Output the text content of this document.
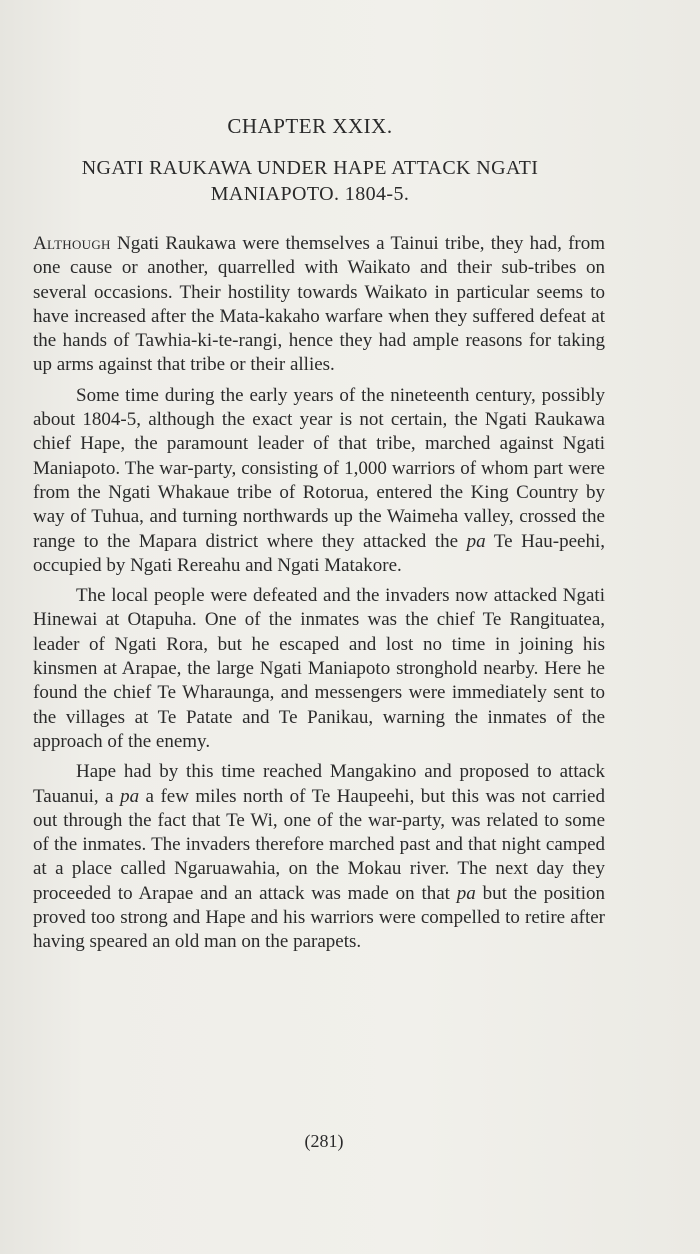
CHAPTER XXIX.
NGATI RAUKAWA UNDER HAPE ATTACK NGATI MANIAPOTO. 1804-5.

Although Ngati Raukawa were themselves a Tainui tribe, they had, from one cause or another, quarrelled with Waikato and their sub-tribes on several occasions. Their hostility towards Waikato in particular seems to have increased after the Mata-kakaho warfare when they suffered defeat at the hands of Tawhia-ki-te-rangi, hence they had ample reasons for taking up arms against that tribe or their allies.

Some time during the early years of the nineteenth century, possibly about 1804-5, although the exact year is not certain, the Ngati Raukawa chief Hape, the paramount leader of that tribe, marched against Ngati Maniapoto. The war-party, consisting of 1,000 warriors of whom part were from the Ngati Whakaue tribe of Rotorua, entered the King Country by way of Tuhua, and turning northwards up the Waimeha valley, crossed the range to the Mapara district where they attacked the pa Te Hau-peehi, occupied by Ngati Rereahu and Ngati Matakore.

The local people were defeated and the invaders now attacked Ngati Hinewai at Otapuha. One of the inmates was the chief Te Rangituatea, leader of Ngati Rora, but he escaped and lost no time in joining his kinsmen at Arapae, the large Ngati Maniapoto stronghold nearby. Here he found the chief Te Wharaunga, and messengers were immediately sent to the villages at Te Patate and Te Panikau, warning the inmates of the approach of the enemy.

Hape had by this time reached Mangakino and proposed to attack Tauanui, a pa a few miles north of Te Haupeehi, but this was not carried out through the fact that Te Wi, one of the war-party, was related to some of the inmates. The invaders therefore marched past and that night camped at a place called Ngaruawahia, on the Mokau river. The next day they proceeded to Arapae and an attack was made on that pa but the position proved too strong and Hape and his warriors were compelled to retire after having speared an old man on the parapets.

(281)
